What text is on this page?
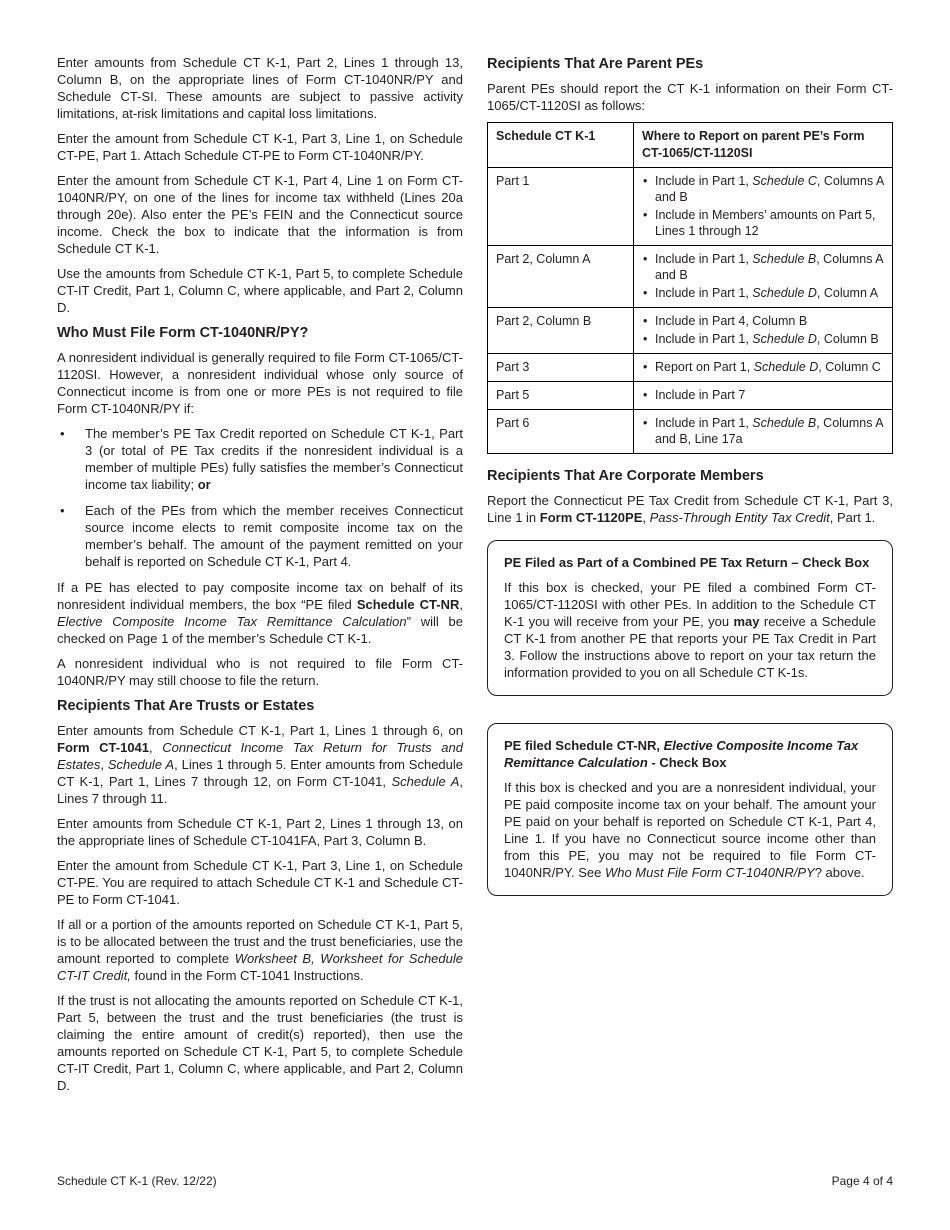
Enter amounts from Schedule CT K-1, Part 2, Lines 1 through 13, Column B, on the appropriate lines of Form CT-1040NR/PY and Schedule CT-SI. These amounts are subject to passive activity limitations, at-risk limitations and capital loss limitations.

Enter the amount from Schedule CT K-1, Part 3, Line 1, on Schedule CT-PE, Part 1. Attach Schedule CT-PE to Form CT-1040NR/PY.

Enter the amount from Schedule CT K-1, Part 4, Line 1 on Form CT-1040NR/PY, on one of the lines for income tax withheld (Lines 20a through 20e). Also enter the PE’s FEIN and the Connecticut source income. Check the box to indicate that the information is from Schedule CT K-1.

Use the amounts from Schedule CT K-1, Part 5, to complete Schedule CT-IT Credit, Part 1, Column C, where applicable, and Part 2, Column D.

Who Must File Form CT-1040NR/PY?

A nonresident individual is generally required to file Form CT-1065/CT-1120SI. However, a nonresident individual whose only source of Connecticut income is from one or more PEs is not required to file Form CT-1040NR/PY if:

• The member’s PE Tax Credit reported on Schedule CT K-1, Part 3 (or total of PE Tax credits if the nonresident individual is a member of multiple PEs) fully satisfies the member’s Connecticut income tax liability; or
• Each of the PEs from which the member receives Connecticut source income elects to remit composite income tax on the member’s behalf. The amount of the payment remitted on your behalf is reported on Schedule CT K-1, Part 4.

If a PE has elected to pay composite income tax on behalf of its nonresident individual members, the box “PE filed Schedule CT-NR, Elective Composite Income Tax Remittance Calculation” will be checked on Page 1 of the member’s Schedule CT K-1.

A nonresident individual who is not required to file Form CT-1040NR/PY may still choose to file the return.

Recipients That Are Trusts or Estates

Enter amounts from Schedule CT K-1, Part 1, Lines 1 through 6, on Form CT-1041, Connecticut Income Tax Return for Trusts and Estates, Schedule A, Lines 1 through 5. Enter amounts from Schedule CT K-1, Part 1, Lines 7 through 12, on Form CT-1041, Schedule A, Lines 7 through 11.

Enter amounts from Schedule CT K-1, Part 2, Lines 1 through 13, on the appropriate lines of Schedule CT-1041FA, Part 3, Column B.

Enter the amount from Schedule CT K-1, Part 3, Line 1, on Schedule CT-PE. You are required to attach Schedule CT K-1 and Schedule CT-PE to Form CT-1041.

If all or a portion of the amounts reported on Schedule CT K-1, Part 5, is to be allocated between the trust and the trust beneficiaries, use the amount reported to complete Worksheet B, Worksheet for Schedule CT-IT Credit, found in the Form CT-1041 Instructions.

If the trust is not allocating the amounts reported on Schedule CT K-1, Part 5, between the trust and the trust beneficiaries (the trust is claiming the entire amount of credit(s) reported), then use the amounts reported on Schedule CT K-1, Part 5, to complete Schedule CT-IT Credit, Part 1, Column C, where applicable, and Part 2, Column D.

Recipients That Are Parent PEs

Parent PEs should report the CT K-1 information on their Form CT-1065/CT-1120SI as follows:

Schedule CT K-1	Where to Report on parent PE’s Form CT-1065/CT-1120SI
Part 1	
•Include in Part 1, Schedule C, Columns A and B
• Include in Members’ amounts on Part 5, Lines 1 through 12

Part 2, Column A	
•Include in Part 1, Schedule B, Columns A and B
• Include in Part 1, Schedule D, Column A

Part 2, Column B	
•Include in Part 4, Column B
• Include in Part 1, Schedule D, Column B

Part 3	
•Report on Part 1, Schedule D, Column C

Part 5	
•Include in Part 7

Part 6	
•Include in Part 1, Schedule B, Columns A and B, Line 17a
Recipients That Are Corporate Members

Report the Connecticut PE Tax Credit from Schedule CT K-1, Part 3, Line 1 in Form CT-1120PE, Pass-Through Entity Tax Credit, Part 1.

PE Filed as Part of a Combined PE Tax Return – Check Box

If this box is checked, your PE filed a combined Form CT-1065/CT-1120SI with other PEs. In addition to the Schedule CT K-1 you will receive from your PE, you may receive a Schedule CT K-1 from another PE that reports your PE Tax Credit in Part 3. Follow the instructions above to report on your tax return the information provided to you on all Schedule CT K-1s.

PE filed Schedule CT-NR, Elective Composite Income Tax Remittance Calculation - Check Box

If this box is checked and you are a nonresident individual, your PE paid composite income tax on your behalf. The amount your PE paid on your behalf is reported on Schedule CT K-1, Part 4, Line 1. If you have no Connecticut source income other than from this PE, you may not be required to file Form CT-1040NR/PY. See Who Must File Form CT-1040NR/PY? above.

Schedule CT K-1 (Rev. 12/22)	Page 4 of 4
